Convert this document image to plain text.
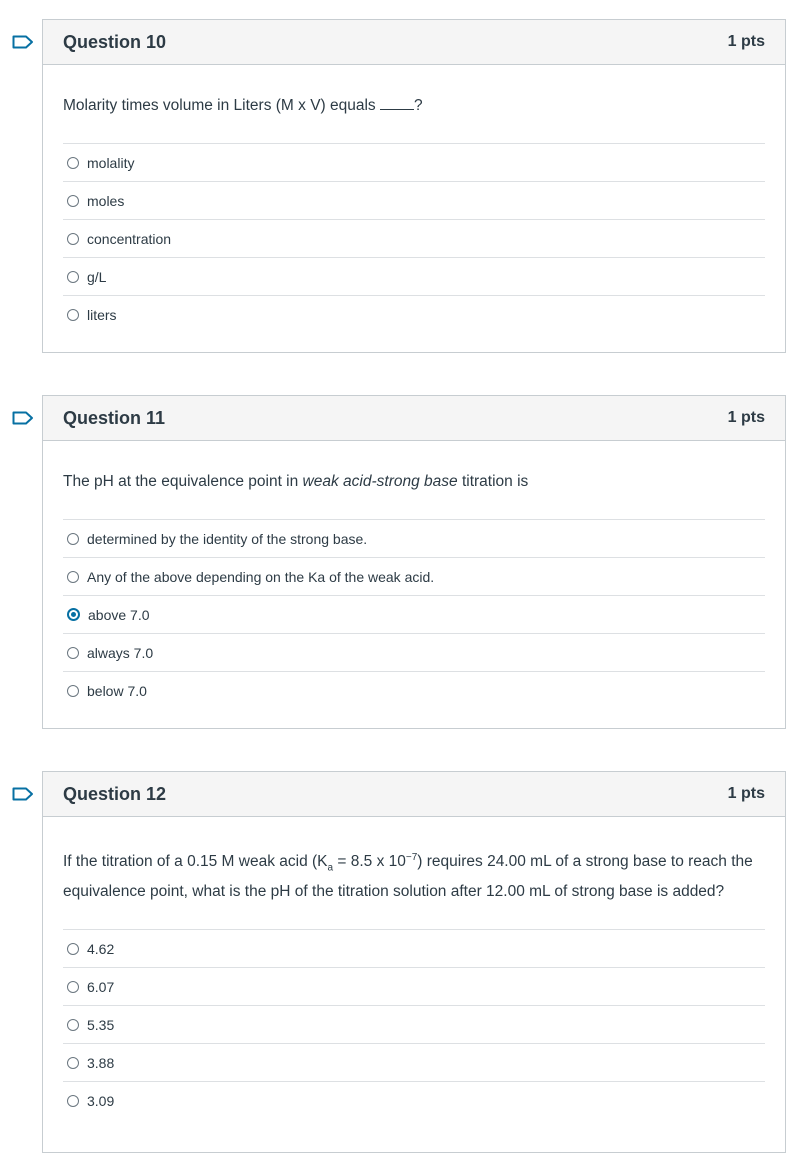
Question 10	1 pts
Molarity times volume in Liters (M x V) equals ?
molality
moles
concentration
g/L
liters
Question 11	1 pts
The pH at the equivalence point in weak acid-strong base titration is
determined by the identity of the strong base.
Any of the above depending on the Ka of the weak acid.
above 7.0
always 7.0
below 7.0
Question 12	1 pts
If the titration of a 0.15 M weak acid ($K_a = 8.5$ x $10^{-7}$) requires 24.00 mL of a strong base to reach the equivalence point, what is the pH of the titration solution after 12.00 mL of strong base is added?
4.62
6.07
5.35
3.88
3.09
